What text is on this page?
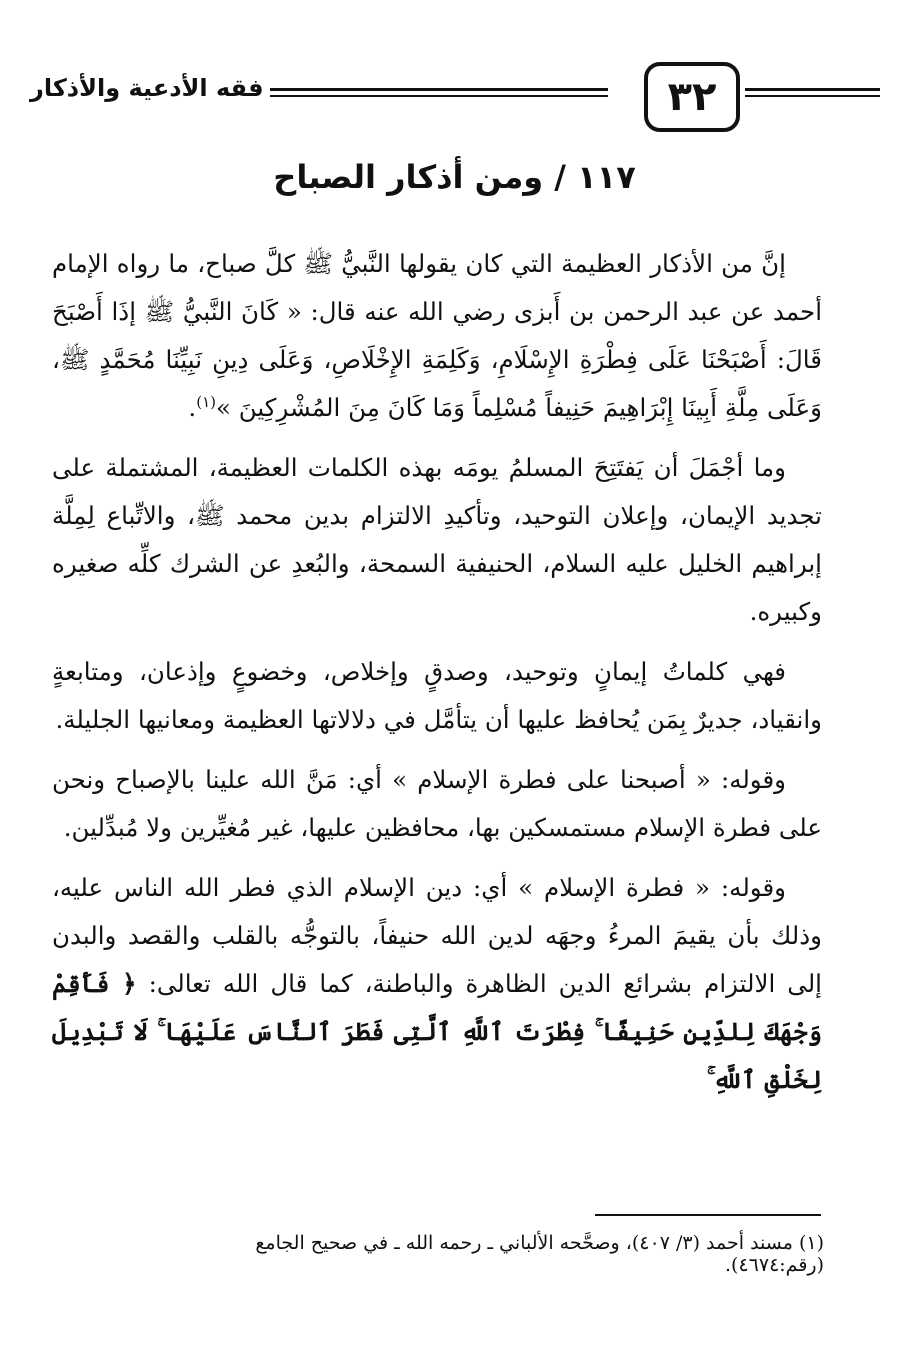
فقه الأدعية والأذكار	٣٢
١١٧ / ومن أذكار الصباح

إنَّ من الأذكار العظيمة التي كان يقولها النَّبيُّ ﷺ كلَّ صباح، ما رواه الإمام أحمد عن عبد الرحمن بن أَبزى رضي الله عنه قال: « كَانَ النَّبيُّ ﷺ إذَا أَصْبَحَ قَالَ: أَصْبَحْنَا عَلَى فِطْرَةِ الإِسْلَامِ، وَكَلِمَةِ الإِخْلَاصِ، وَعَلَى دِينِ نَبِيِّنَا مُحَمَّدٍ ﷺ، وَعَلَى مِلَّةِ أَبِينَا إِبْرَاهِيمَ حَنِيفاً مُسْلِماً وَمَا كَانَ مِنَ المُشْرِكِينَ »$^{(١)}$.

وما أجْمَلَ أن يَفتَتِحَ المسلمُ يومَه بهذه الكلمات العظيمة، المشتملة على تجديد الإيمان، وإعلان التوحيد، وتأكيدِ الالتزام بدين محمد ﷺ، والاتِّباع لِمِلَّة إبراهيم الخليل عليه السلام، الحنيفية السمحة، والبُعدِ عن الشرك كلِّه صغيره وكبيره.

فهي كلماتُ إيمانٍ وتوحيد، وصدقٍ وإخلاص، وخضوعٍ وإذعان، ومتابعةٍ وانقياد، جديرٌ بِمَن يُحافظ عليها أن يتأمَّل في دلالاتها العظيمة ومعانيها الجليلة.

وقوله: « أصبحنا على فطرة الإسلام » أي: مَنَّ الله علينا بالإصباح ونحن على فطرة الإسلام مستمسكين بها، محافظين عليها، غير مُغيِّرين ولا مُبدِّلين.

وقوله: « فطرة الإسلام » أي: دين الإسلام الذي فطر الله الناس عليه، وذلك بأن يقيمَ المرءُ وجهَه لدين الله حنيفاً، بالتوجُّه بالقلب والقصد والبدن إلى الالتزام بشرائع الدين الظاهرة والباطنة، كما قال الله تعالى: ﴿ فَأَقِمْ وَجْهَكَ لِلدِّينِ حَنِيفًا ۚ فِطْرَتَ ٱللَّهِ ٱلَّتِى فَطَرَ ٱلنَّاسَ عَلَيْهَا ۚ لَا تَبْدِيلَ لِخَلْقِ ٱللَّهِ ۚ

(١) مسند أحمد (٣/ ٤٠٧)، وصحَّحه الألباني ـ رحمه الله ـ في صحيح الجامع (رقم:٤٦٧٤).
